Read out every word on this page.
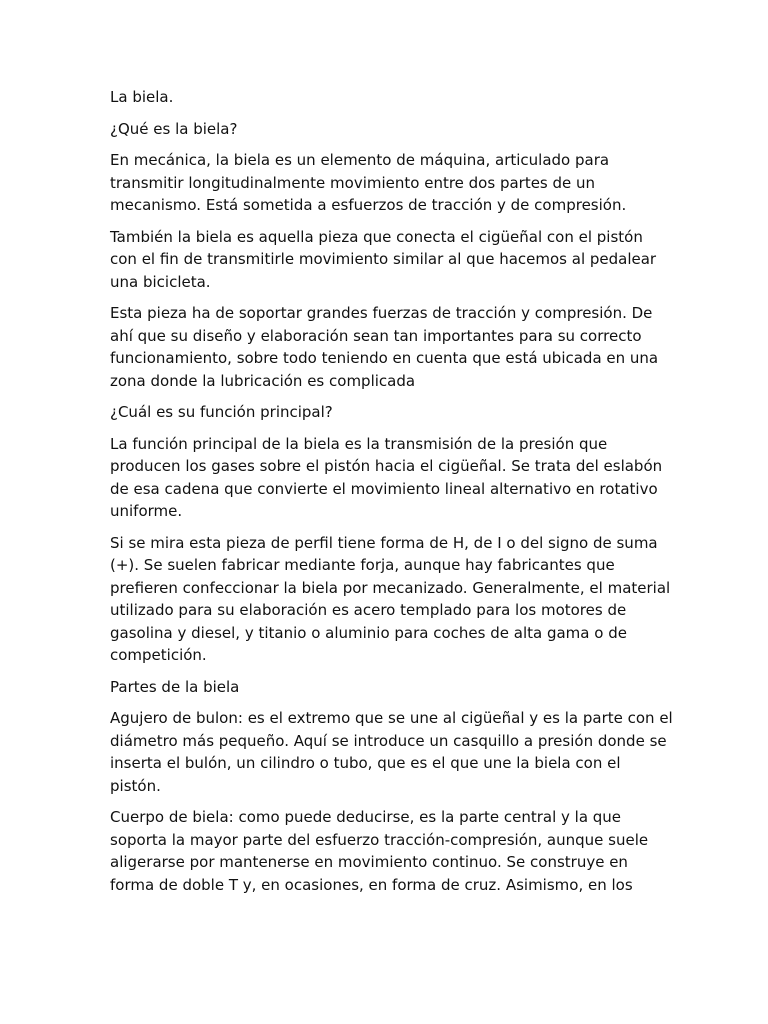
La biela.

¿Qué es la biela?

En mecánica, la biela es un elemento de máquina, articulado para
transmitir longitudinalmente movimiento entre dos partes de un
mecanismo. Está sometida a esfuerzos de tracción y de compresión.

También la biela es aquella pieza que conecta el cigüeñal con el pistón
con el fin de transmitirle movimiento similar al que hacemos al pedalear
una bicicleta.

Esta pieza ha de soportar grandes fuerzas de tracción y compresión. De
ahí que su diseño y elaboración sean tan importantes para su correcto
funcionamiento, sobre todo teniendo en cuenta que está ubicada en una
zona donde la lubricación es complicada

¿Cuál es su función principal?

La función principal de la biela es la transmisión de la presión que
producen los gases sobre el pistón hacia el cigüeñal. Se trata del eslabón
de esa cadena que convierte el movimiento lineal alternativo en rotativo
uniforme.

Si se mira esta pieza de perfil tiene forma de H, de I o del signo de suma
(+). Se suelen fabricar mediante forja, aunque hay fabricantes que
prefieren confeccionar la biela por mecanizado. Generalmente, el material
utilizado para su elaboración es acero templado para los motores de
gasolina y diesel, y titanio o aluminio para coches de alta gama o de
competición.

Partes de la biela

Agujero de bulon: es el extremo que se une al cigüeñal y es la parte con el
diámetro más pequeño. Aquí se introduce un casquillo a presión donde se
inserta el bulón, un cilindro o tubo, que es el que une la biela con el
pistón.

Cuerpo de biela: como puede deducirse, es la parte central y la que
soporta la mayor parte del esfuerzo tracción-compresión, aunque suele
aligerarse por mantenerse en movimiento continuo. Se construye en
forma de doble T y, en ocasiones, en forma de cruz. Asimismo, en los
